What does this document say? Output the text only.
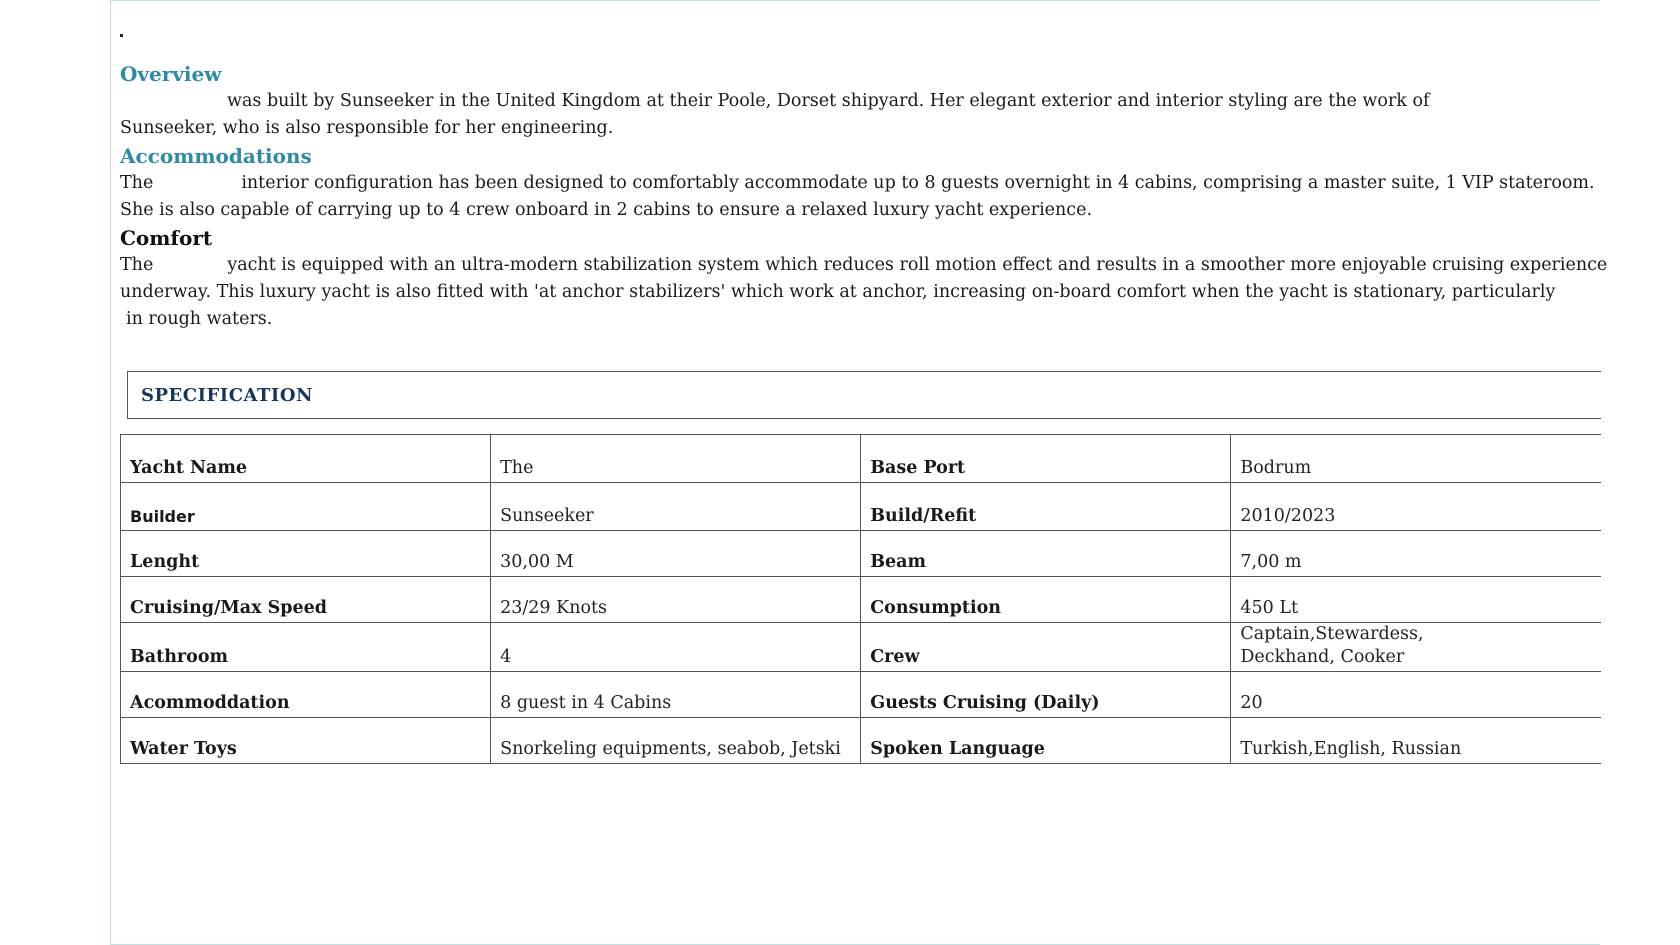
Overview

was built by Sunseeker in the United Kingdom at their Poole, Dorset shipyard. Her elegant exterior and interior styling are the work of

Sunseeker, who is also responsible for her engineering.

Accommodations

The	interior configuration has been designed to comfortably accommodate up to 8 guests overnight in 4 cabins, comprising a master suite, 1 VIP stateroom.

She is also capable of carrying up to 4 crew onboard in 2 cabins to ensure a relaxed luxury yacht experience.

Comfort

The	yacht is equipped with an ultra-modern stabilization system which reduces roll motion effect and results in a smoother more enjoyable cruising experience

underway. This luxury yacht is also fitted with 'at anchor stabilizers' which work at anchor, increasing on-board comfort when the yacht is stationary, particularly

in rough waters.

SPECIFICATION
Yacht Name	The	Base Port	Bodrum
Builder	Sunseeker	Build/Refit	2010/2023
Lenght	30,00 M	Beam	7,00 m
Cruising/Max Speed	23/29 Knots	Consumption	450 Lt
Bathroom	4	Crew	Captain,Stewardess,
Deckhand, Cooker
Acommoddation	8 guest in 4 Cabins	Guests Cruising (Daily)	20
Water Toys	Snorkeling equipments, seabob, Jetski	Spoken Language	Turkish,English, Russian
